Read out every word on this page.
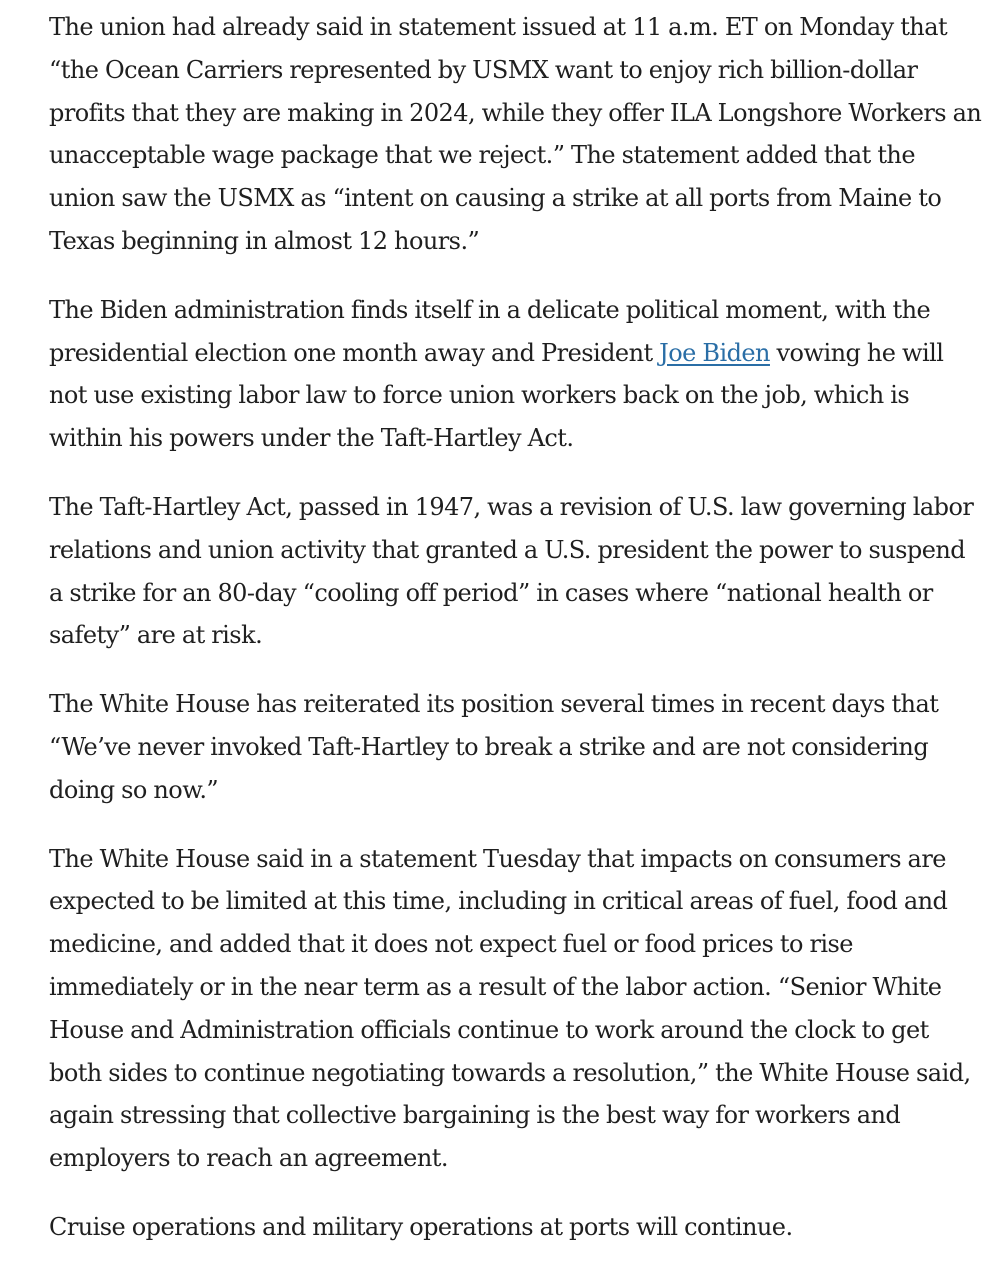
The union had already said in statement issued at 11 a.m. ET on Monday that “the Ocean Carriers represented by USMX want to enjoy rich billion-dollar profits that they are making in 2024, while they offer ILA Longshore Workers an unacceptable wage package that we reject.” The statement added that the union saw the USMX as “intent on causing a strike at all ports from Maine to Texas beginning in almost 12 hours.”

The Biden administration finds itself in a delicate political moment, with the presidential election one month away and President Joe Biden vowing he will not use existing labor law to force union workers back on the job, which is within his powers under the Taft-Hartley Act.

The Taft-Hartley Act, passed in 1947, was a revision of U.S. law governing labor relations and union activity that granted a U.S. president the power to suspend a strike for an 80-day “cooling off period” in cases where “national health or safety” are at risk.

The White House has reiterated its position several times in recent days that “We’ve never invoked Taft-Hartley to break a strike and are not considering doing so now.”

The White House said in a statement Tuesday that impacts on consumers are expected to be limited at this time, including in critical areas of fuel, food and medicine, and added that it does not expect fuel or food prices to rise immediately or in the near term as a result of the labor action. “Senior White House and Administration officials continue to work around the clock to get both sides to continue negotiating towards a resolution,” the White House said, again stressing that collective bargaining is the best way for workers and employers to reach an agreement.

Cruise operations and military operations at ports will continue.
